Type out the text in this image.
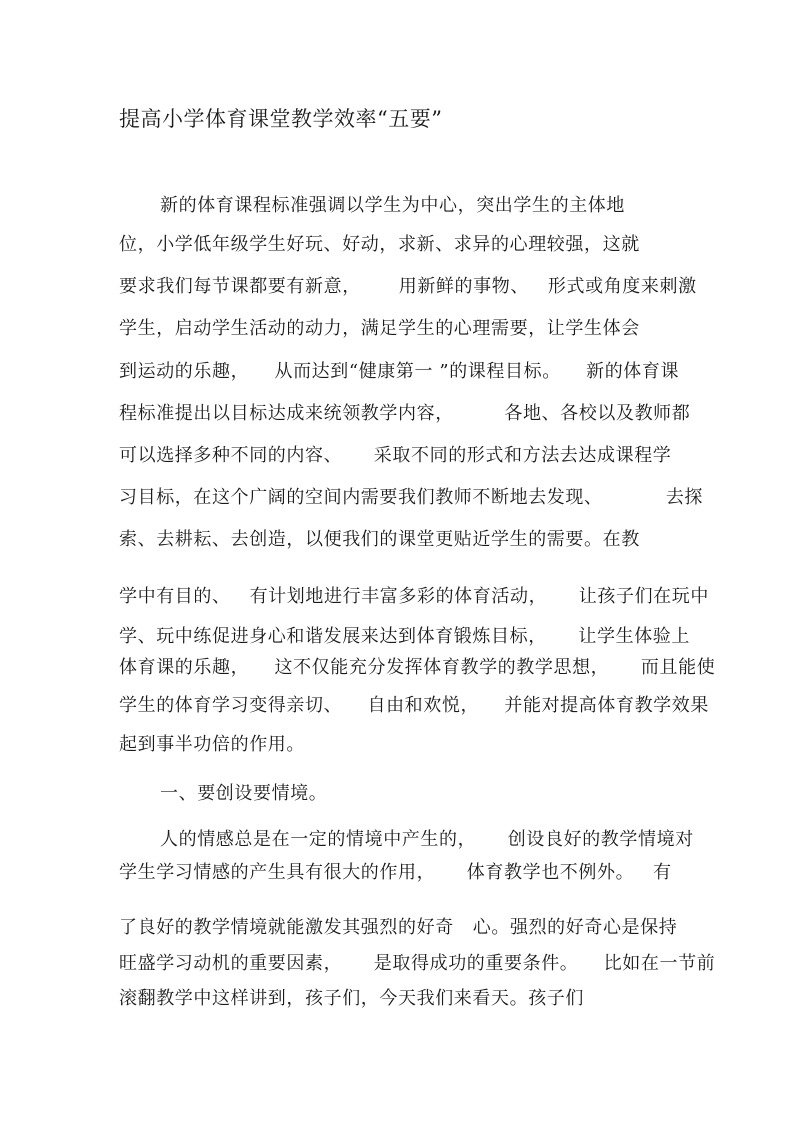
提高小学体育课堂教学效率“五要”
新的体育课程标准强调以学生为中心，突出学生的主体地
位，小学低年级学生好玩、好动，求新、求异的心理较强，这就
要求我们每节课都要有新意，      用新鲜的事物、   形式或角度来刺激
学生，启动学生活动的动力，满足学生的心理需要，让学生体会
到运动的乐趣，    从而达到“健康第一 ”的课程目标。    新的体育课
程标准提出以目标达成来统领教学内容，        各地、各校以及教师都
可以选择多种不同的内容、     采取不同的形式和方法去达成课程学
习目标，在这个广阔的空间内需要我们教师不断地去发现、          去探
索、去耕耘、去创造，以便我们的课堂更贴近学生的需要。在教
学中有目的、   有计划地进行丰富多彩的体育活动，     让孩子们在玩中
学、玩中练促进身心和谐发展来达到体育锻炼目标，     让学生体验上
体育课的乐趣，    这不仅能充分发挥体育教学的教学思想，     而且能使
学生的体育学习变得亲切、    自由和欢悦，    并能对提高体育教学效果
起到事半功倍的作用。
一、要创设要情境。
人的情感总是在一定的情境中产生的，     创设良好的教学情境对
学生学习情感的产生具有很大的作用，     体育教学也不例外。   有
了良好的教学情境就能激发其强烈的好奇   心。强烈的好奇心是保持
旺盛学习动机的重要因素，     是取得成功的重要条件。    比如在一节前
滚翻教学中这样讲到，孩子们，今天我们来看天。孩子们
